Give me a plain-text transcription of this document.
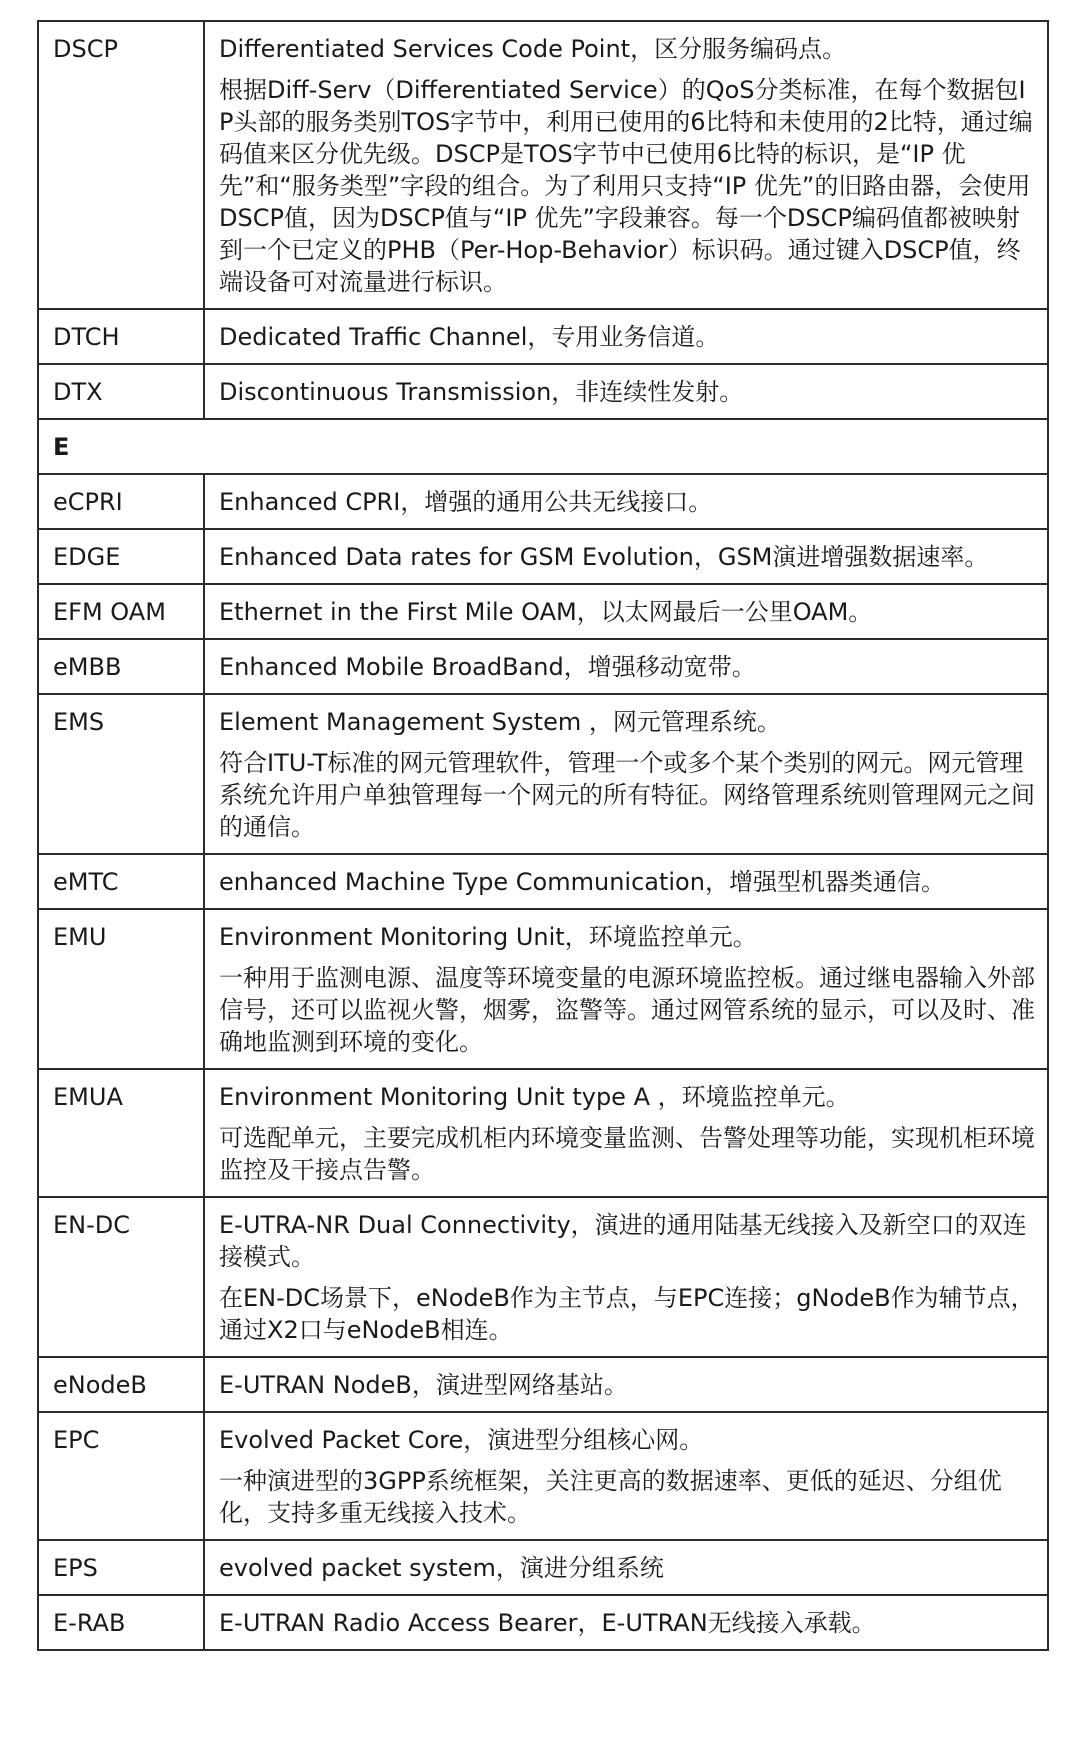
DSCP	Differentiated Services Code Point，区分服务编码点。

根据Diff-Serv（Differentiated Service）的QoS分类标准，在每个数据包IP头部的服务类别TOS字节中，利用已使用的6比特和未使用的2比特，通过编码值来区分优先级。DSCP是TOS字节中已使用6比特的标识，是“IP 优先”和“服务类型”字段的组合。为了利用只支持“IP 优先”的旧路由器，会使用DSCP值，因为DSCP值与“IP 优先”字段兼容。每一个DSCP编码值都被映射到一个已定义的PHB（Per-Hop-Behavior）标识码。通过键入DSCP值，终端设备可对流量进行标识。

DTCH	Dedicated Traffic Channel，专用业务信道。

DTX	Discontinuous Transmission，非连续性发射。

E	
eCPRI	Enhanced CPRI，增强的通用公共无线接口。

EDGE	Enhanced Data rates for GSM Evolution，GSM演进增强数据速率。

EFM OAM	Ethernet in the First Mile OAM，以太网最后一公里OAM。

eMBB	Enhanced Mobile BroadBand，增强移动宽带。

EMS	Element Management System ，网元管理系统。

符合ITU-T标准的网元管理软件，管理一个或多个某个类别的网元。网元管理系统允许用户单独管理每一个网元的所有特征。网络管理系统则管理网元之间的通信。

eMTC	enhanced Machine Type Communication，增强型机器类通信。

EMU	Environment Monitoring Unit，环境监控单元。

一种用于监测电源、温度等环境变量的电源环境监控板。通过继电器输入外部信号，还可以监视火警，烟雾，盗警等。通过网管系统的显示，可以及时、准确地监测到环境的变化。

EMUA	Environment Monitoring Unit type A ，环境监控单元。

可选配单元，主要完成机柜内环境变量监测、告警处理等功能，实现机柜环境监控及干接点告警。

EN-DC	E-UTRA-NR Dual Connectivity，演进的通用陆基无线接入及新空口的双连接模式。

在EN-DC场景下，eNodeB作为主节点，与EPC连接；gNodeB作为辅节点，通过X2口与eNodeB相连。

eNodeB	E-UTRAN NodeB，演进型网络基站。

EPC	Evolved Packet Core，演进型分组核心网。

一种演进型的3GPP系统框架，关注更高的数据速率、更低的延迟、分组优化，支持多重无线接入技术。

EPS	evolved packet system，演进分组系统

E-RAB	E-UTRAN Radio Access Bearer，E-UTRAN无线接入承载。
